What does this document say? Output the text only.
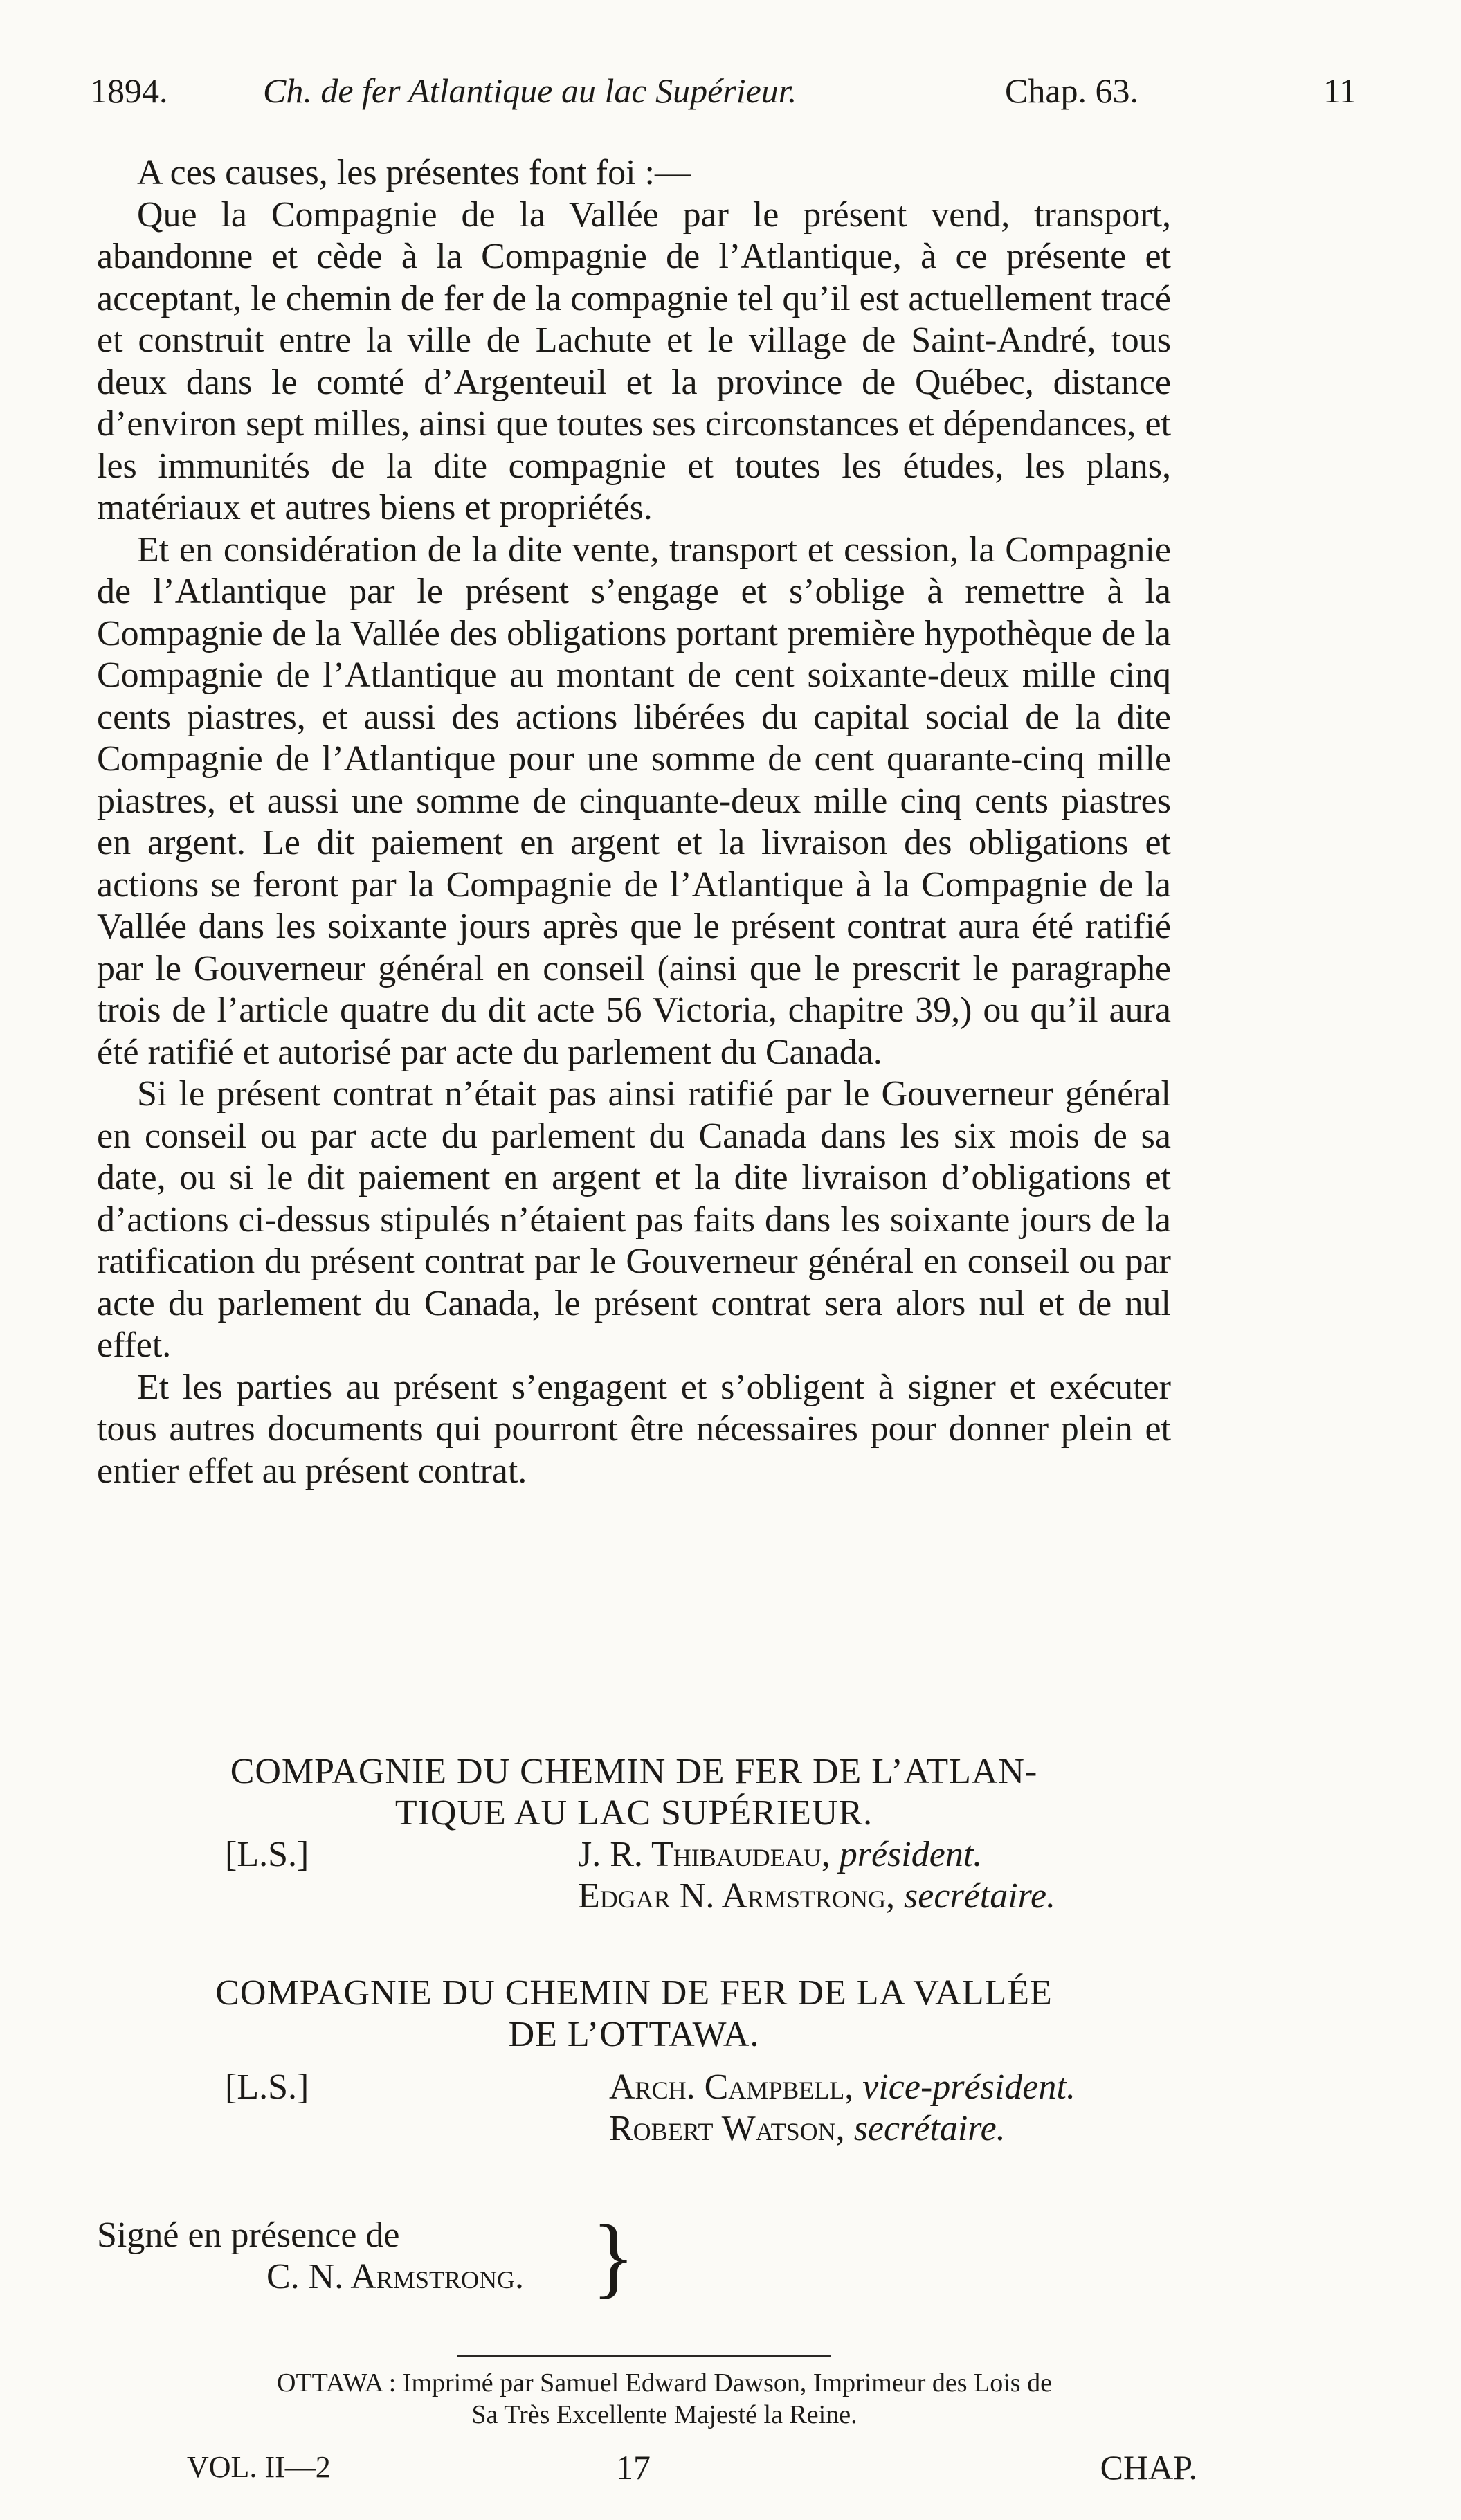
1894.	Ch. de fer Atlantique au lac Supérieur.	Chap. 63.	11

A ces causes, les présentes font foi :—

Que la Compagnie de la Vallée par le présent vend, transport, abandonne et cède à la Compagnie de l’Atlantique, à ce présente et acceptant, le chemin de fer de la compagnie tel qu’il est actuellement tracé et construit entre la ville de Lachute et le village de Saint-André, tous deux dans le comté d’Argenteuil et la province de Québec, distance d’environ sept milles, ainsi que toutes ses circonstances et dépendances, et les immunités de la dite compagnie et toutes les études, les plans, matériaux et autres biens et propriétés.

Et en considération de la dite vente, transport et cession, la Compagnie de l’Atlantique par le présent s’engage et s’oblige à remettre à la Compagnie de la Vallée des obligations portant première hypothèque de la Compagnie de l’Atlantique au montant de cent soixante-deux mille cinq cents piastres, et aussi des actions libérées du capital social de la dite Compagnie de l’Atlantique pour une somme de cent quarante-cinq mille piastres, et aussi une somme de cinquante-deux mille cinq cents piastres en argent. Le dit paiement en argent et la livraison des obligations et actions se feront par la Compagnie de l’Atlantique à la Compagnie de la Vallée dans les soixante jours après que le présent contrat aura été ratifié par le Gouverneur général en conseil (ainsi que le prescrit le paragraphe trois de l’article quatre du dit acte 56 Victoria, chapitre 39,) ou qu’il aura été ratifié et autorisé par acte du parlement du Canada.

Si le présent contrat n’était pas ainsi ratifié par le Gouverneur général en conseil ou par acte du parlement du Canada dans les six mois de sa date, ou si le dit paiement en argent et la dite livraison d’obligations et d’actions ci-dessus stipulés n’étaient pas faits dans les soixante jours de la ratification du présent contrat par le Gouverneur général en conseil ou par acte du parlement du Canada, le présent contrat sera alors nul et de nul effet.

Et les parties au présent s’engagent et s’obligent à signer et exécuter tous autres documents qui pourront être nécessaires pour donner plein et entier effet au présent contrat.

COMPAGNIE DU CHEMIN DE FER DE L’ATLAN-

TIQUE AU LAC SUPÉRIEUR.

[L.S.]	J. R. Thibaudeau, président.
Edgar N. Armstrong, secrétaire.

COMPAGNIE DU CHEMIN DE FER DE LA VALLÉE

DE L’OTTAWA.

[L.S.]	Arch. Campbell, vice-président.
Robert Watson, secrétaire.
Signé en présence de
C. N. Armstrong. }

OTTAWA : Imprimé par Samuel Edward Dawson, Imprimeur des Lois de

Sa Très Excellente Majesté la Reine.

VOL. II—2	17	CHAP.
